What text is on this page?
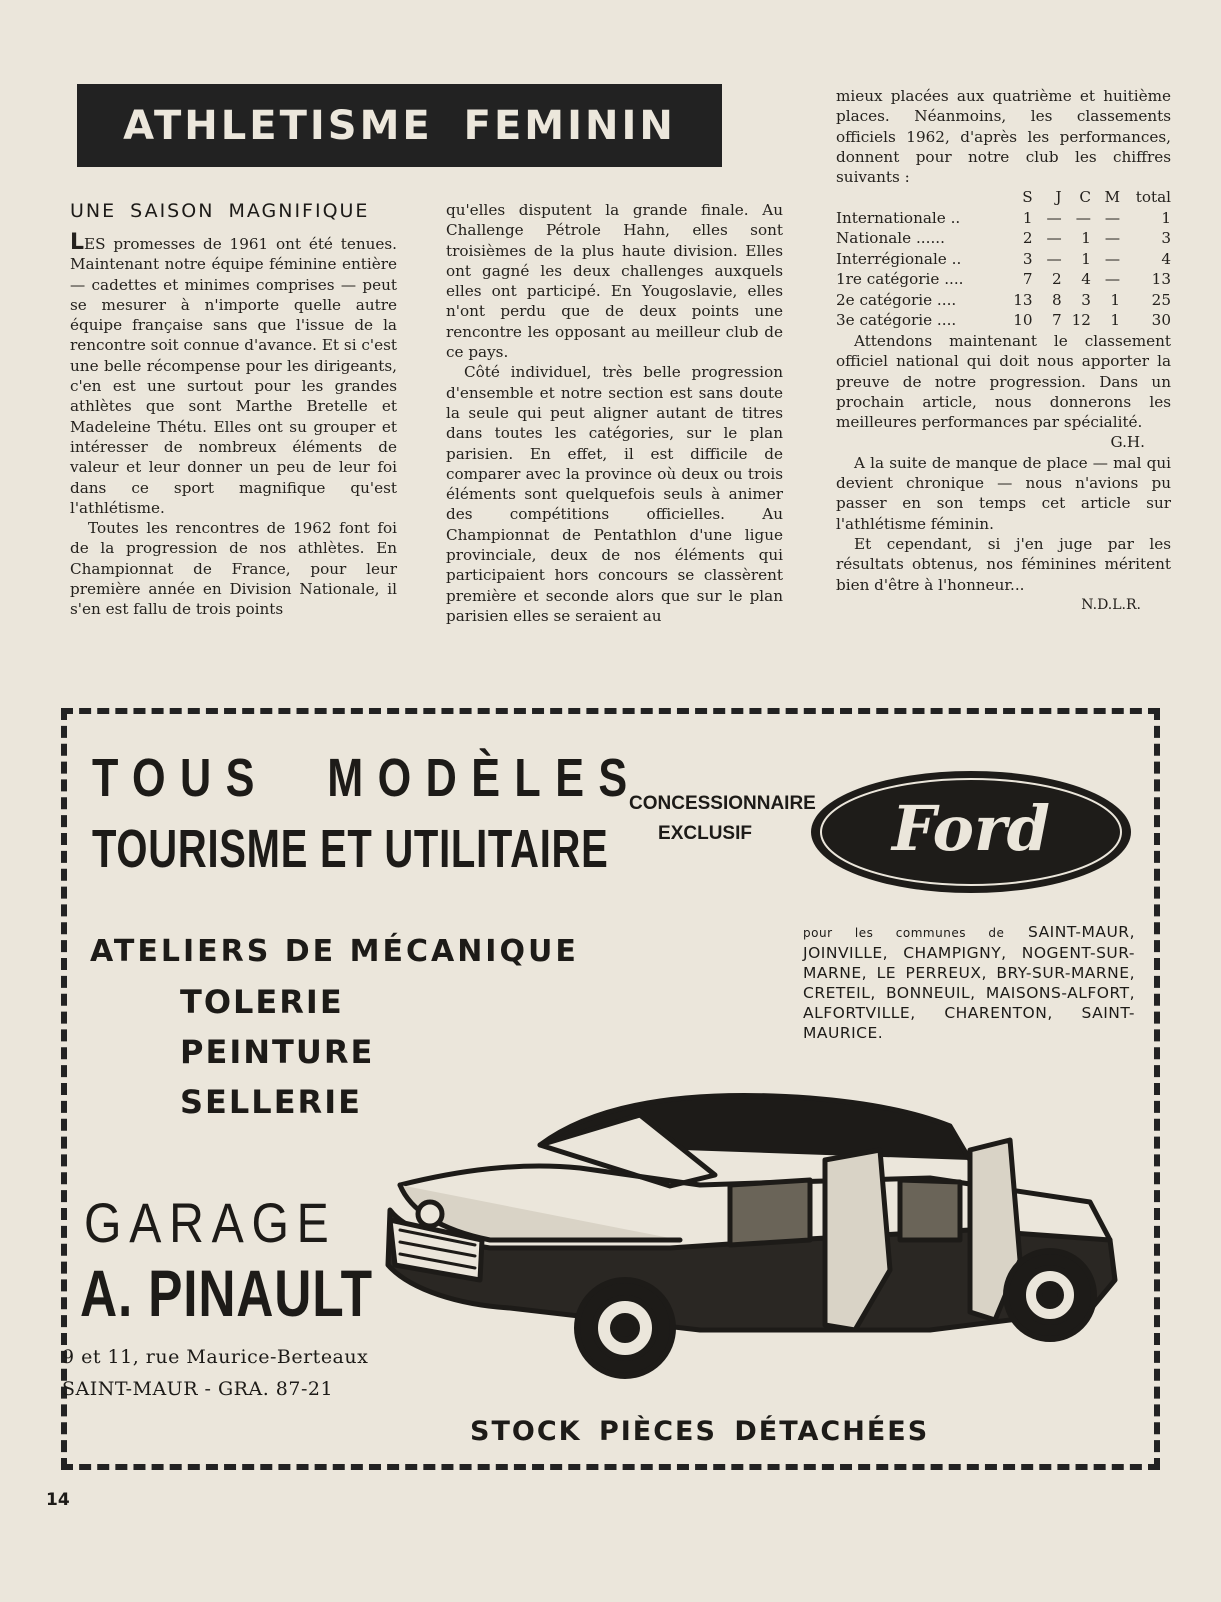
ATHLETISME FEMININ
UNE SAISON MAGNIFIQUE

LES promesses de 1961 ont été tenues. Maintenant notre équipe féminine entière — cadettes et minimes comprises — peut se mesurer à n'importe quelle autre équipe française sans que l'issue de la rencontre soit connue d'avance. Et si c'est une belle récompense pour les dirigeants, c'en est une surtout pour les grandes athlètes que sont Marthe Bretelle et Madeleine Thétu. Elles ont su grouper et intéresser de nombreux éléments de valeur et leur donner un peu de leur foi dans ce sport magnifique qu'est l'athlétisme.

Toutes les rencontres de 1962 font foi de la progression de nos athlètes. En Championnat de France, pour leur première année en Division Nationale, il s'en est fallu de trois points

qu'elles disputent la grande finale. Au Challenge Pétrole Hahn, elles sont troisièmes de la plus haute division. Elles ont gagné les deux challenges auxquels elles ont participé. En Yougoslavie, elles n'ont perdu que de deux points une rencontre les opposant au meilleur club de ce pays.

Côté individuel, très belle progression d'ensemble et notre section est sans doute la seule qui peut aligner autant de titres dans toutes les catégories, sur le plan parisien. En effet, il est difficile de comparer avec la province où deux ou trois éléments sont quelquefois seuls à animer des compétitions officielles. Au Championnat de Pentathlon d'une ligue provinciale, deux de nos éléments qui participaient hors concours se classèrent première et seconde alors que sur le plan parisien elles se seraient au

mieux placées aux quatrième et huitième places. Néanmoins, les classements officiels 1962, d'après les performances, donnent pour notre club les chiffres suivants :

	S	J	C	M	total
Internationale ..	1	—	—	—	1
Nationale ......	2	—	1	—	3
Interrégionale ..	3	—	1	—	4
1re catégorie ....	7	2	4	—	13
2e catégorie ....	13	8	3	1	25
3e catégorie ....	10	7	12	1	30

Attendons maintenant le classement officiel national qui doit nous apporter la preuve de notre progression. Dans un prochain article, nous donnerons les meilleures performances par spécialité.

G.H.

A la suite de manque de place — mal qui devient chronique — nous n'avions pu passer en son temps cet article sur l'athlétisme féminin.

Et cependant, si j'en juge par les résultats obtenus, nos féminines méritent bien d'être à l'honneur...

N.D.L.R.

TOUS MODÈLES
TOURISME ET UTILITAIRE
CONCESSIONNAIRE
EXCLUSIF	Ford
ATELIERS DE MÉCANIQUE
TOLERIE
PEINTURE
SELLERIE
pour les communes de SAINT-MAUR, JOINVILLE, CHAMPIGNY, NOGENT-SUR-MARNE, LE PERREUX, BRY-SUR-MARNE, CRETEIL, BONNEUIL, MAISONS-ALFORT, ALFORTVILLE, CHARENTON, SAINT-MAURICE.
GARAGE
A. PINAULT
9 et 11, rue Maurice-Berteaux
SAINT-MAUR - GRA. 87-21
STOCK PIÈCES DÉTACHÉES
14
